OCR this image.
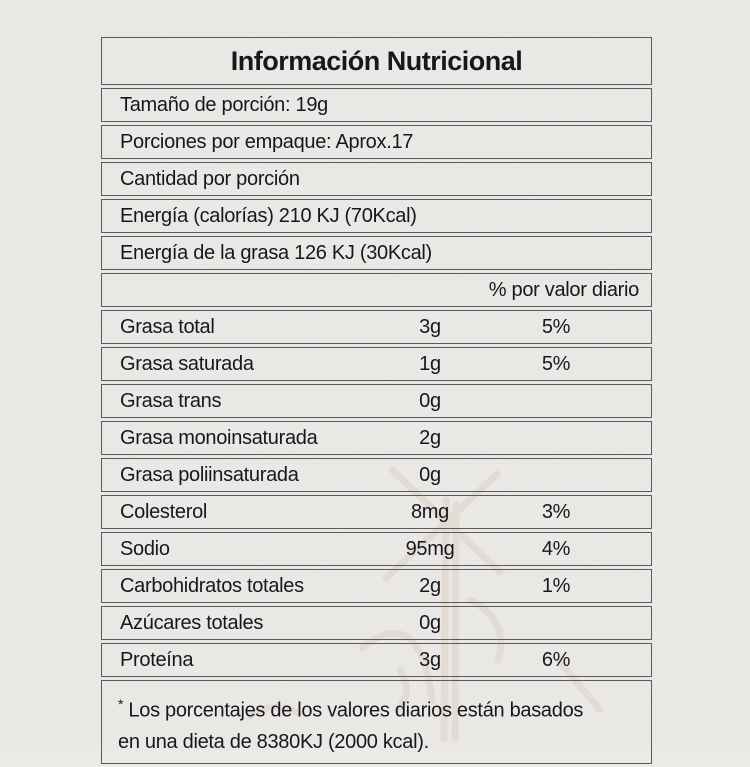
Información Nutricional
Tamaño de porción: 19g
Porciones por empaque: Aprox.17
Cantidad por porción
Energía (calorías) 210 KJ (70Kcal)
Energía de la grasa 126 KJ (30Kcal)
% por valor diario
Grasa total	3g	5%
Grasa saturada	1g	5%
Grasa trans	0g
Grasa monoinsaturada	2g
Grasa poliinsaturada	0g
Colesterol	8mg	3%
Sodio	95mg	4%
Carbohidratos totales	2g	1%
Azúcares totales	0g
Proteína	3g	6%
* Los porcentajes de los valores diarios están basados
en una dieta de 8380KJ (2000 kcal).
